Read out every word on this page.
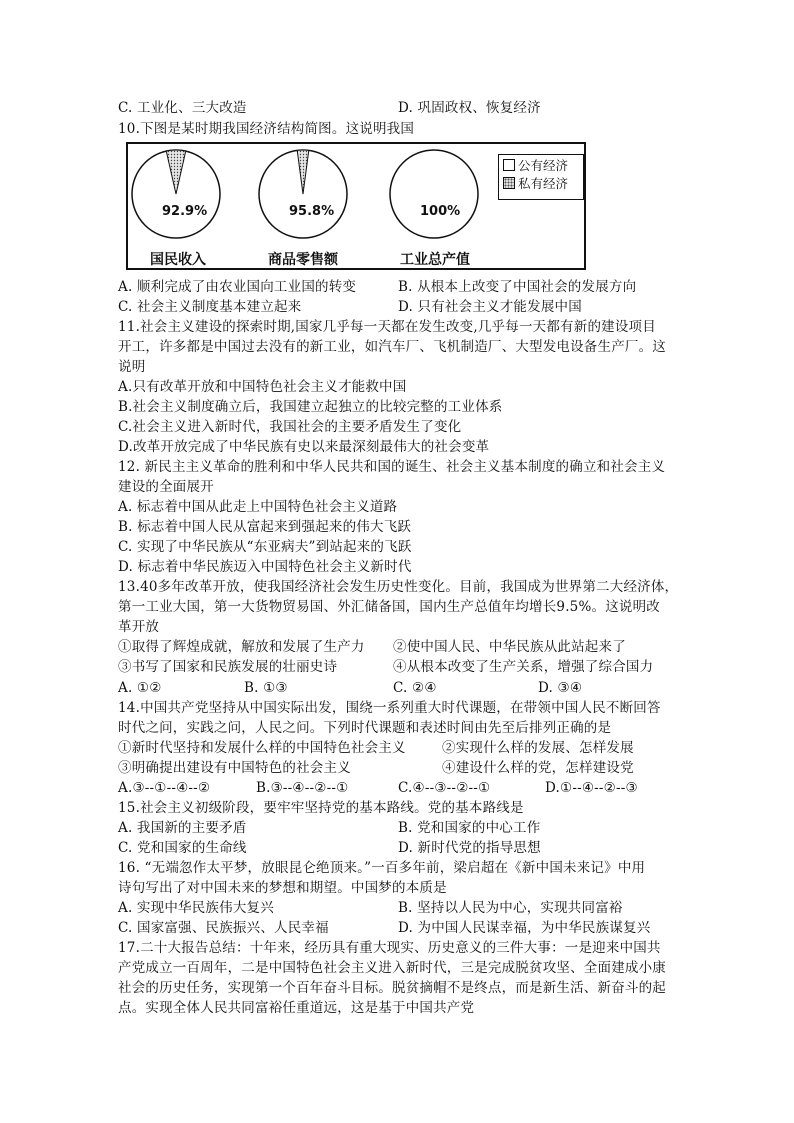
C. 工业化、三大改造	D. 巩固政权、恢复经济
10.下图是某时期我国经济结构简图。这说明我国
92.9%	95.8%	100%
国民收入	商品零售额	工业总产值
公有经济
私有经济
A. 顺利完成了由农业国向工业国的转变	B. 从根本上改变了中国社会的发展方向
C. 社会主义制度基本建立起来	D. 只有社会主义才能发展中国
11.社会主义建设的探索时期,国家几乎每一天都在发生改变,几乎每一天都有新的建设项目
开工，许多都是中国过去没有的新工业，如汽车厂、飞机制造厂、大型发电设备生产厂。这
说明
A.只有改革开放和中国特色社会主义才能救中国
B.社会主义制度确立后，我国建立起独立的比较完整的工业体系
C.社会主义进入新时代，我国社会的主要矛盾发生了变化
D.改革开放完成了中华民族有史以来最深刻最伟大的社会变革
12. 新民主主义革命的胜利和中华人民共和国的诞生、社会主义基本制度的确立和社会主义
建设的全面展开
A. 标志着中国从此走上中国特色社会主义道路
B. 标志着中国人民从富起来到强起来的伟大飞跃
C. 实现了中华民族从“东亚病夫”到站起来的飞跃
D. 标志着中华民族迈入中国特色社会主义新时代
13.40多年改革开放，使我国经济社会发生历史性变化。目前，我国成为世界第二大经济体，
第一工业大国，第一大货物贸易国、外汇储备国，国内生产总值年均增长9.5%。这说明改
革开放
①取得了辉煌成就，解放和发展了生产力 ②使中国人民、中华民族从此站起来了
③书写了国家和民族发展的壮丽史诗	④从根本改变了生产关系，增强了综合国力
A. ①②	B. ①③	C. ②④	D. ③④
14.中国共产党坚持从中国实际出发，围绕一系列重大时代课题，在带领中国人民不断回答
时代之问，实践之问，人民之问。下列时代课题和表述时间由先至后排列正确的是
①新时代坚持和发展什么样的中国特色社会主义	②实现什么样的发展、怎样发展
③明确提出建设有中国特色的社会主义	④建设什么样的党，怎样建设党
A.③--①--④--②	B.③--④--②--①	C.④--③--②--①	D.①--④--②--③
15.社会主义初级阶段，要牢牢坚持党的基本路线。党的基本路线是
A. 我国新的主要矛盾	B. 党和国家的中心工作
C. 党和国家的生命线	D. 新时代党的指导思想
16. “无端忽作太平梦，放眼昆仑绝顶来。”一百多年前，梁启超在《新中国未来记》中用
诗句写出了对中国未来的梦想和期望。中国梦的本质是
A. 实现中华民族伟大复兴	B. 坚持以人民为中心，实现共同富裕
C. 国家富强、民族振兴、人民幸福	D. 为中国人民谋幸福，为中华民族谋复兴
17.二十大报告总结：十年来，经历具有重大现实、历史意义的三件大事：一是迎来中国共
产党成立一百周年，二是中国特色社会主义进入新时代，三是完成脱贫攻坚、全面建成小康
社会的历史任务，实现第一个百年奋斗目标。脱贫摘帽不是终点，而是新生活、新奋斗的起
点。实现全体人民共同富裕任重道远，这是基于中国共产党
